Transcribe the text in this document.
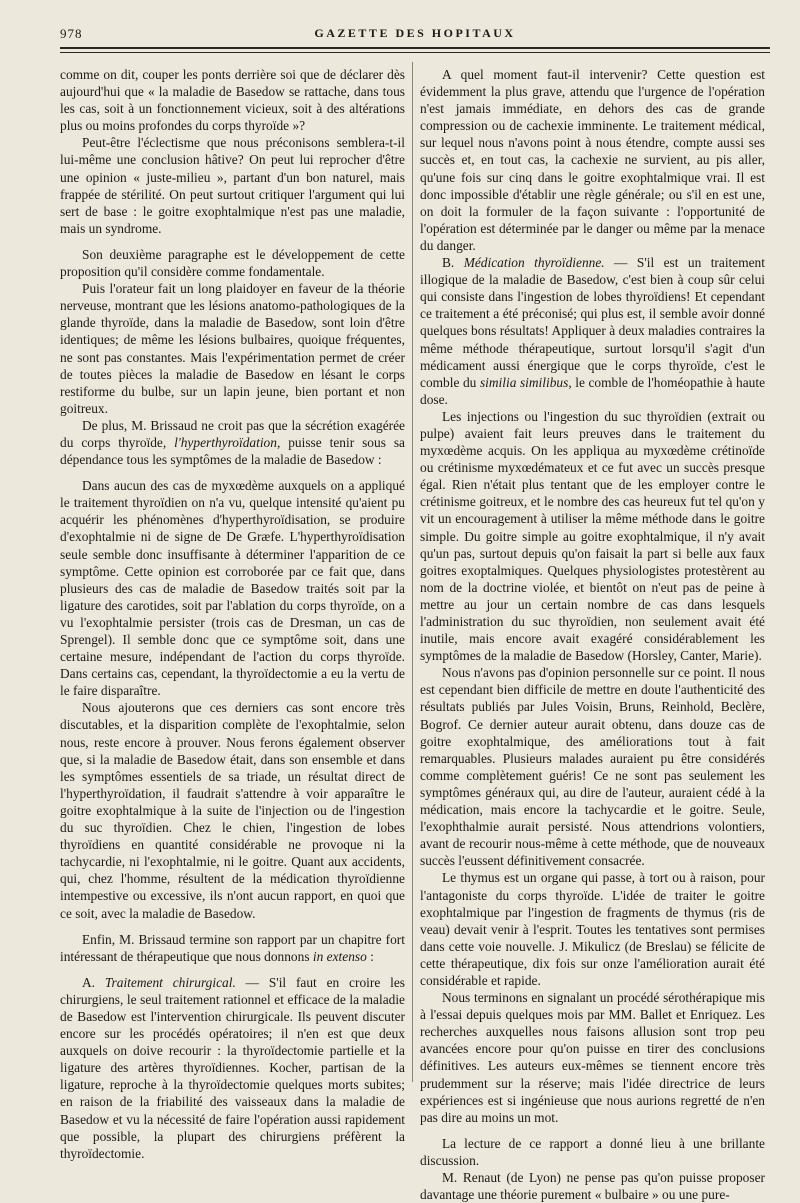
978	GAZETTE DES HOPITAUX

comme on dit, couper les ponts derrière soi que de déclarer dès aujourd'hui que « la maladie de Basedow se rattache, dans tous les cas, soit à un fonctionnement vicieux, soit à des altérations plus ou moins profondes du corps thyroïde »?

Peut-être l'éclectisme que nous préconisons semblera-t-il lui-même une conclusion hâtive? On peut lui reprocher d'être une opinion « juste-milieu », partant d'un bon naturel, mais frappée de stérilité. On peut surtout critiquer l'argument qui lui sert de base : le goitre exophtalmique n'est pas une maladie, mais un syndrome.

Son deuxième paragraphe est le développement de cette proposition qu'il considère comme fondamentale.

Puis l'orateur fait un long plaidoyer en faveur de la théorie nerveuse, montrant que les lésions anatomo-pathologiques de la glande thyroïde, dans la maladie de Basedow, sont loin d'être identiques; de même les lésions bulbaires, quoique fréquentes, ne sont pas constantes. Mais l'expérimentation permet de créer de toutes pièces la maladie de Basedow en lésant le corps restiforme du bulbe, sur un lapin jeune, bien portant et non goitreux.

De plus, M. Brissaud ne croit pas que la sécrétion exagérée du corps thyroïde, l'hyperthyroïdation, puisse tenir sous sa dépendance tous les symptômes de la maladie de Basedow :

Dans aucun des cas de myxœdème auxquels on a appliqué le traitement thyroïdien on n'a vu, quelque intensité qu'aient pu acquérir les phénomènes d'hyperthyroïdisation, se produire d'exophtalmie ni de signe de De Græfe. L'hyperthyroïdisation seule semble donc insuffisante à déterminer l'apparition de ce symptôme. Cette opinion est corroborée par ce fait que, dans plusieurs des cas de maladie de Basedow traités soit par la ligature des carotides, soit par l'ablation du corps thyroïde, on a vu l'exophtalmie persister (trois cas de Dresman, un cas de Sprengel). Il semble donc que ce symptôme soit, dans une certaine mesure, indépendant de l'action du corps thyroïde. Dans certains cas, cependant, la thyroïdectomie a eu la vertu de le faire disparaître.

Nous ajouterons que ces derniers cas sont encore très discutables, et la disparition complète de l'exophtalmie, selon nous, reste encore à prouver. Nous ferons également observer que, si la maladie de Basedow était, dans son ensemble et dans les symptômes essentiels de sa triade, un résultat direct de l'hyperthyroïdation, il faudrait s'attendre à voir apparaître le goitre exophtalmique à la suite de l'injection ou de l'ingestion du suc thyroïdien. Chez le chien, l'ingestion de lobes thyroïdiens en quantité considérable ne provoque ni la tachycardie, ni l'exophtalmie, ni le goitre. Quant aux accidents, qui, chez l'homme, résultent de la médication thyroïdienne intempestive ou excessive, ils n'ont aucun rapport, en quoi que ce soit, avec la maladie de Basedow.

Enfin, M. Brissaud termine son rapport par un chapitre fort intéressant de thérapeutique que nous donnons in extenso :

A. Traitement chirurgical. — S'il faut en croire les chirurgiens, le seul traitement rationnel et efficace de la maladie de Basedow est l'intervention chirurgicale. Ils peuvent discuter encore sur les procédés opératoires; il n'en est que deux auxquels on doive recourir : la thyroïdectomie partielle et la ligature des artères thyroïdiennes. Kocher, partisan de la ligature, reproche à la thyroïdectomie quelques morts subites; en raison de la friabilité des vaisseaux dans la maladie de Basedow et vu la nécessité de faire l'opération aussi rapidement que possible, la plupart des chirurgiens préfèrent la thyroïdectomie.

A quel moment faut-il intervenir? Cette question est évidemment la plus grave, attendu que l'urgence de l'opération n'est jamais immédiate, en dehors des cas de grande compression ou de cachexie imminente. Le traitement médical, sur lequel nous n'avons point à nous étendre, compte aussi ses succès et, en tout cas, la cachexie ne survient, au pis aller, qu'une fois sur cinq dans le goitre exophtalmique vrai. Il est donc impossible d'établir une règle générale; ou s'il en est une, on doit la formuler de la façon suivante : l'opportunité de l'opération est déterminée par le danger ou même par la menace du danger.

B. Médication thyroïdienne. — S'il est un traitement illogique de la maladie de Basedow, c'est bien à coup sûr celui qui consiste dans l'ingestion de lobes thyroïdiens! Et cependant ce traitement a été préconisé; qui plus est, il semble avoir donné quelques bons résultats! Appliquer à deux maladies contraires la même méthode thérapeutique, surtout lorsqu'il s'agit d'un médicament aussi énergique que le corps thyroïde, c'est le comble du similia similibus, le comble de l'homéopathie à haute dose.

Les injections ou l'ingestion du suc thyroïdien (extrait ou pulpe) avaient fait leurs preuves dans le traitement du myxœdème acquis. On les appliqua au myxœdème crétinoïde ou crétinisme myxœdémateux et ce fut avec un succès presque égal. Rien n'était plus tentant que de les employer contre le crétinisme goitreux, et le nombre des cas heureux fut tel qu'on y vit un encouragement à utiliser la même méthode dans le goitre simple. Du goitre simple au goitre exophtalmique, il n'y avait qu'un pas, surtout depuis qu'on faisait la part si belle aux faux goitres exoptalmiques. Quelques physiologistes protestèrent au nom de la doctrine violée, et bientôt on n'eut pas de peine à mettre au jour un certain nombre de cas dans lesquels l'administration du suc thyroïdien, non seulement avait été inutile, mais encore avait exagéré considérablement les symptômes de la maladie de Basedow (Horsley, Canter, Marie).

Nous n'avons pas d'opinion personnelle sur ce point. Il nous est cependant bien difficile de mettre en doute l'authenticité des résultats publiés par Jules Voisin, Bruns, Reinhold, Beclère, Bogrof. Ce dernier auteur aurait obtenu, dans douze cas de goitre exophtalmique, des améliorations tout à fait remarquables. Plusieurs malades auraient pu être considérés comme complètement guéris! Ce ne sont pas seulement les symptômes généraux qui, au dire de l'auteur, auraient cédé à la médication, mais encore la tachycardie et le goitre. Seule, l'exophthalmie aurait persisté. Nous attendrions volontiers, avant de recourir nous-même à cette méthode, que de nouveaux succès l'eussent définitivement consacrée.

Le thymus est un organe qui passe, à tort ou à raison, pour l'antagoniste du corps thyroïde. L'idée de traiter le goitre exophtalmique par l'ingestion de fragments de thymus (ris de veau) devait venir à l'esprit. Toutes les tentatives sont permises dans cette voie nouvelle. J. Mikulicz (de Breslau) se félicite de cette thérapeutique, dix fois sur onze l'amélioration aurait été considérable et rapide.

Nous terminons en signalant un procédé sérothérapique mis à l'essai depuis quelques mois par MM. Ballet et Enriquez. Les recherches auxquelles nous faisons allusion sont trop peu avancées encore pour qu'on puisse en tirer des conclusions définitives. Les auteurs eux-mêmes se tiennent encore très prudemment sur la réserve; mais l'idée directrice de leurs expériences est si ingénieuse que nous aurions regretté de n'en pas dire au moins un mot.

La lecture de ce rapport a donné lieu à une brillante discussion.

M. Renaut (de Lyon) ne pense pas qu'on puisse proposer davantage une théorie purement « bulbaire » ou une pure-
